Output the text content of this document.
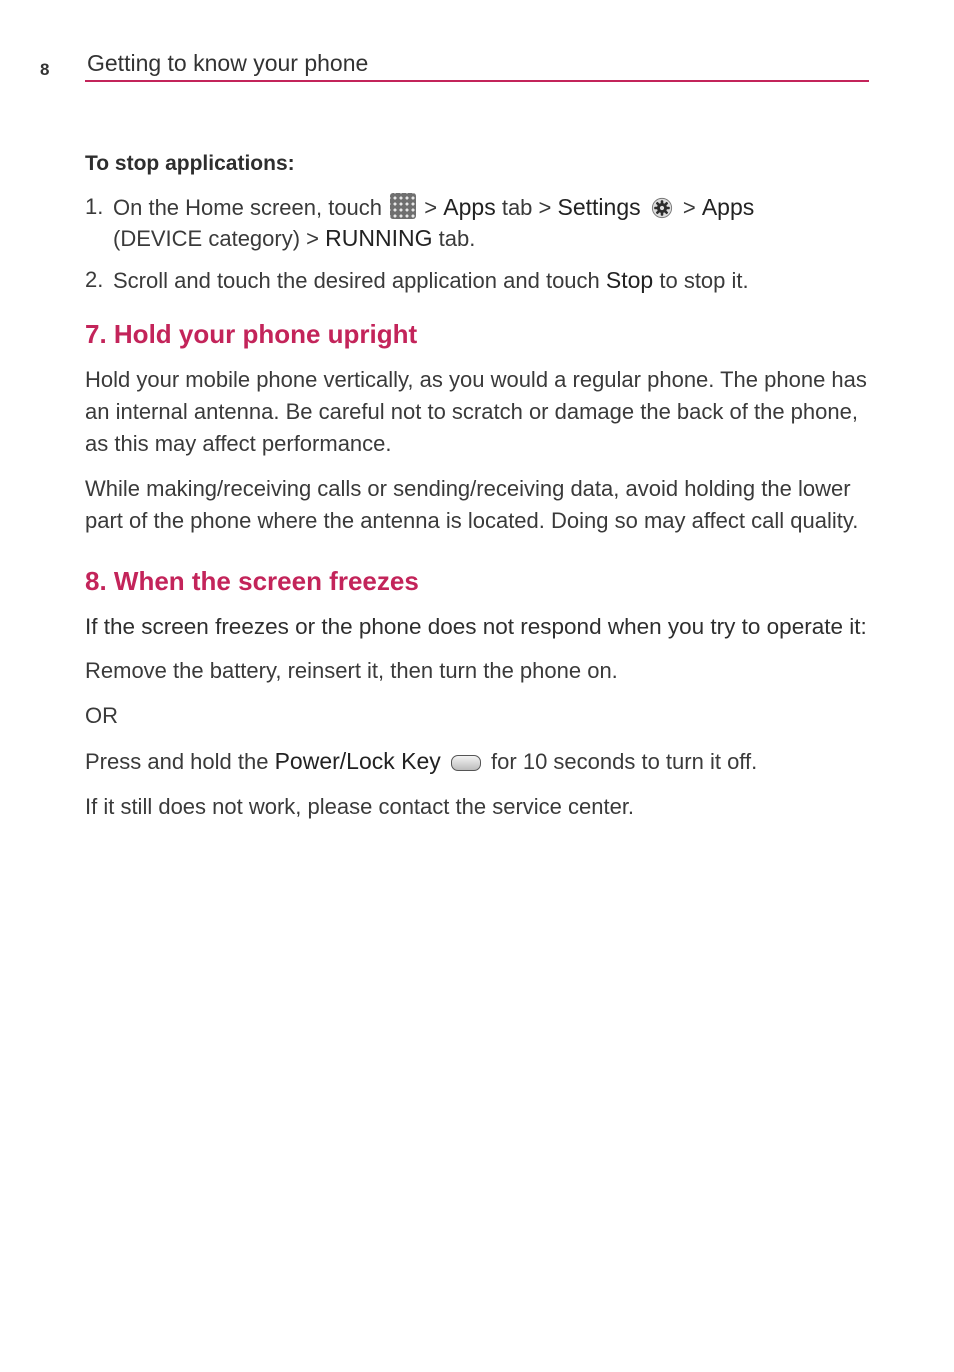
8 Getting to know your phone
To stop applications:
1. On the Home screen, touch > Apps tab > Settings > Apps
(DEVICE category) > RUNNING tab.
2. Scroll and touch the desired application and touch Stop to stop it.
7. Hold your phone upright

Hold your mobile phone vertically, as you would a regular phone. The phone has an internal antenna. Be careful not to scratch or damage the back of the phone, as this may affect performance.

While making/receiving calls or sending/receiving data, avoid holding the lower part of the phone where the antenna is located. Doing so may affect call quality.

8. When the screen freezes

If the screen freezes or the phone does not respond when you try to operate it:

Remove the battery, reinsert it, then turn the phone on.

OR

Press and hold the Power/Lock Key for 10 seconds to turn it off.

If it still does not work, please contact the service center.
